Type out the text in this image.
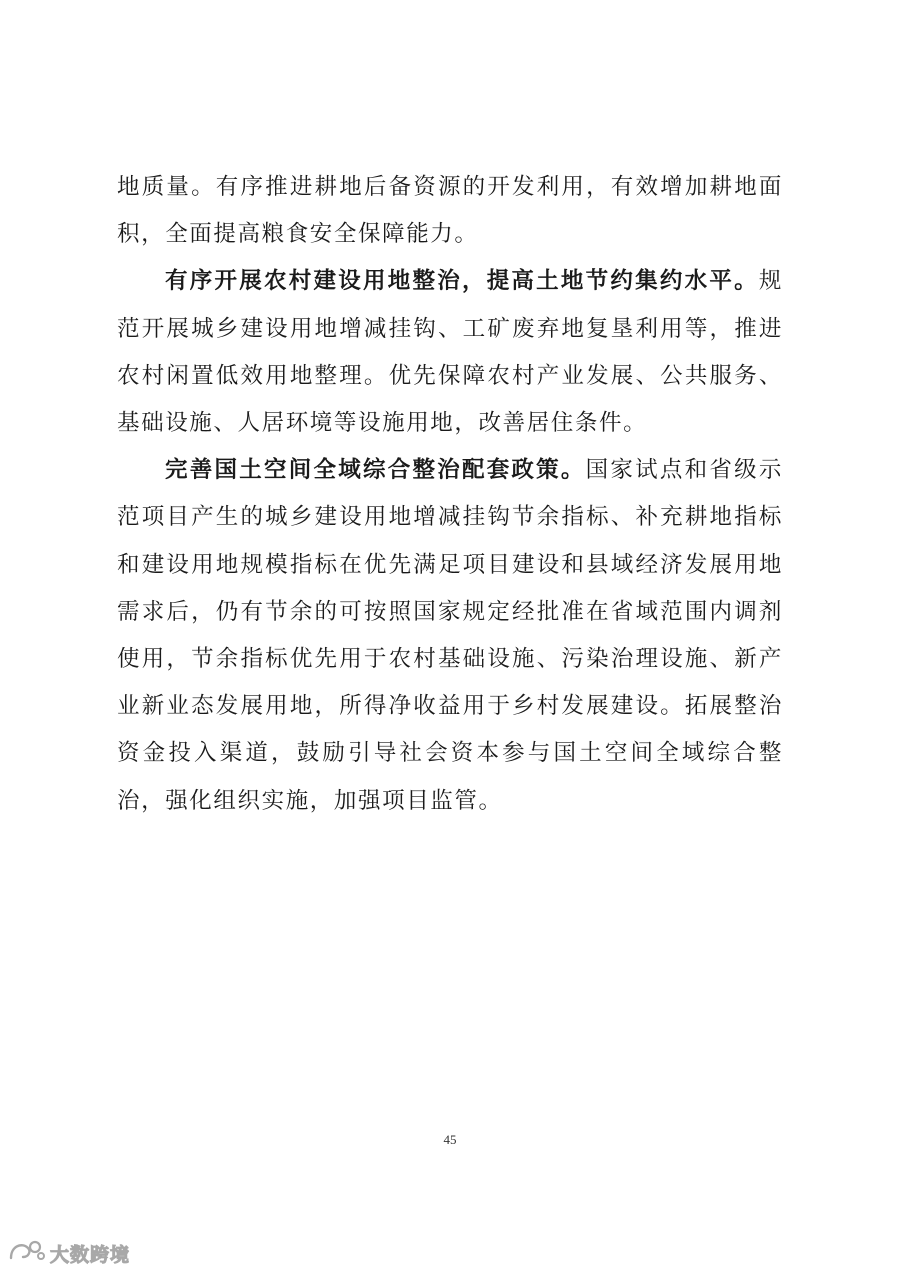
地质量。有序推进耕地后备资源的开发利用，有效增加耕地面积，全面提高粮食安全保障能力。

有序开展农村建设用地整治，提高土地节约集约水平。规范开展城乡建设用地增减挂钩、工矿废弃地复垦利用等，推进农村闲置低效用地整理。优先保障农村产业发展、公共服务、基础设施、人居环境等设施用地，改善居住条件。

完善国土空间全域综合整治配套政策。国家试点和省级示范项目产生的城乡建设用地增减挂钩节余指标、补充耕地指标和建设用地规模指标在优先满足项目建设和县域经济发展用地需求后，仍有节余的可按照国家规定经批准在省域范围内调剂使用，节余指标优先用于农村基础设施、污染治理设施、新产业新业态发展用地，所得净收益用于乡村发展建设。拓展整治资金投入渠道，鼓励引导社会资本参与国土空间全域综合整治，强化组织实施，加强项目监管。

45
大数跨境
